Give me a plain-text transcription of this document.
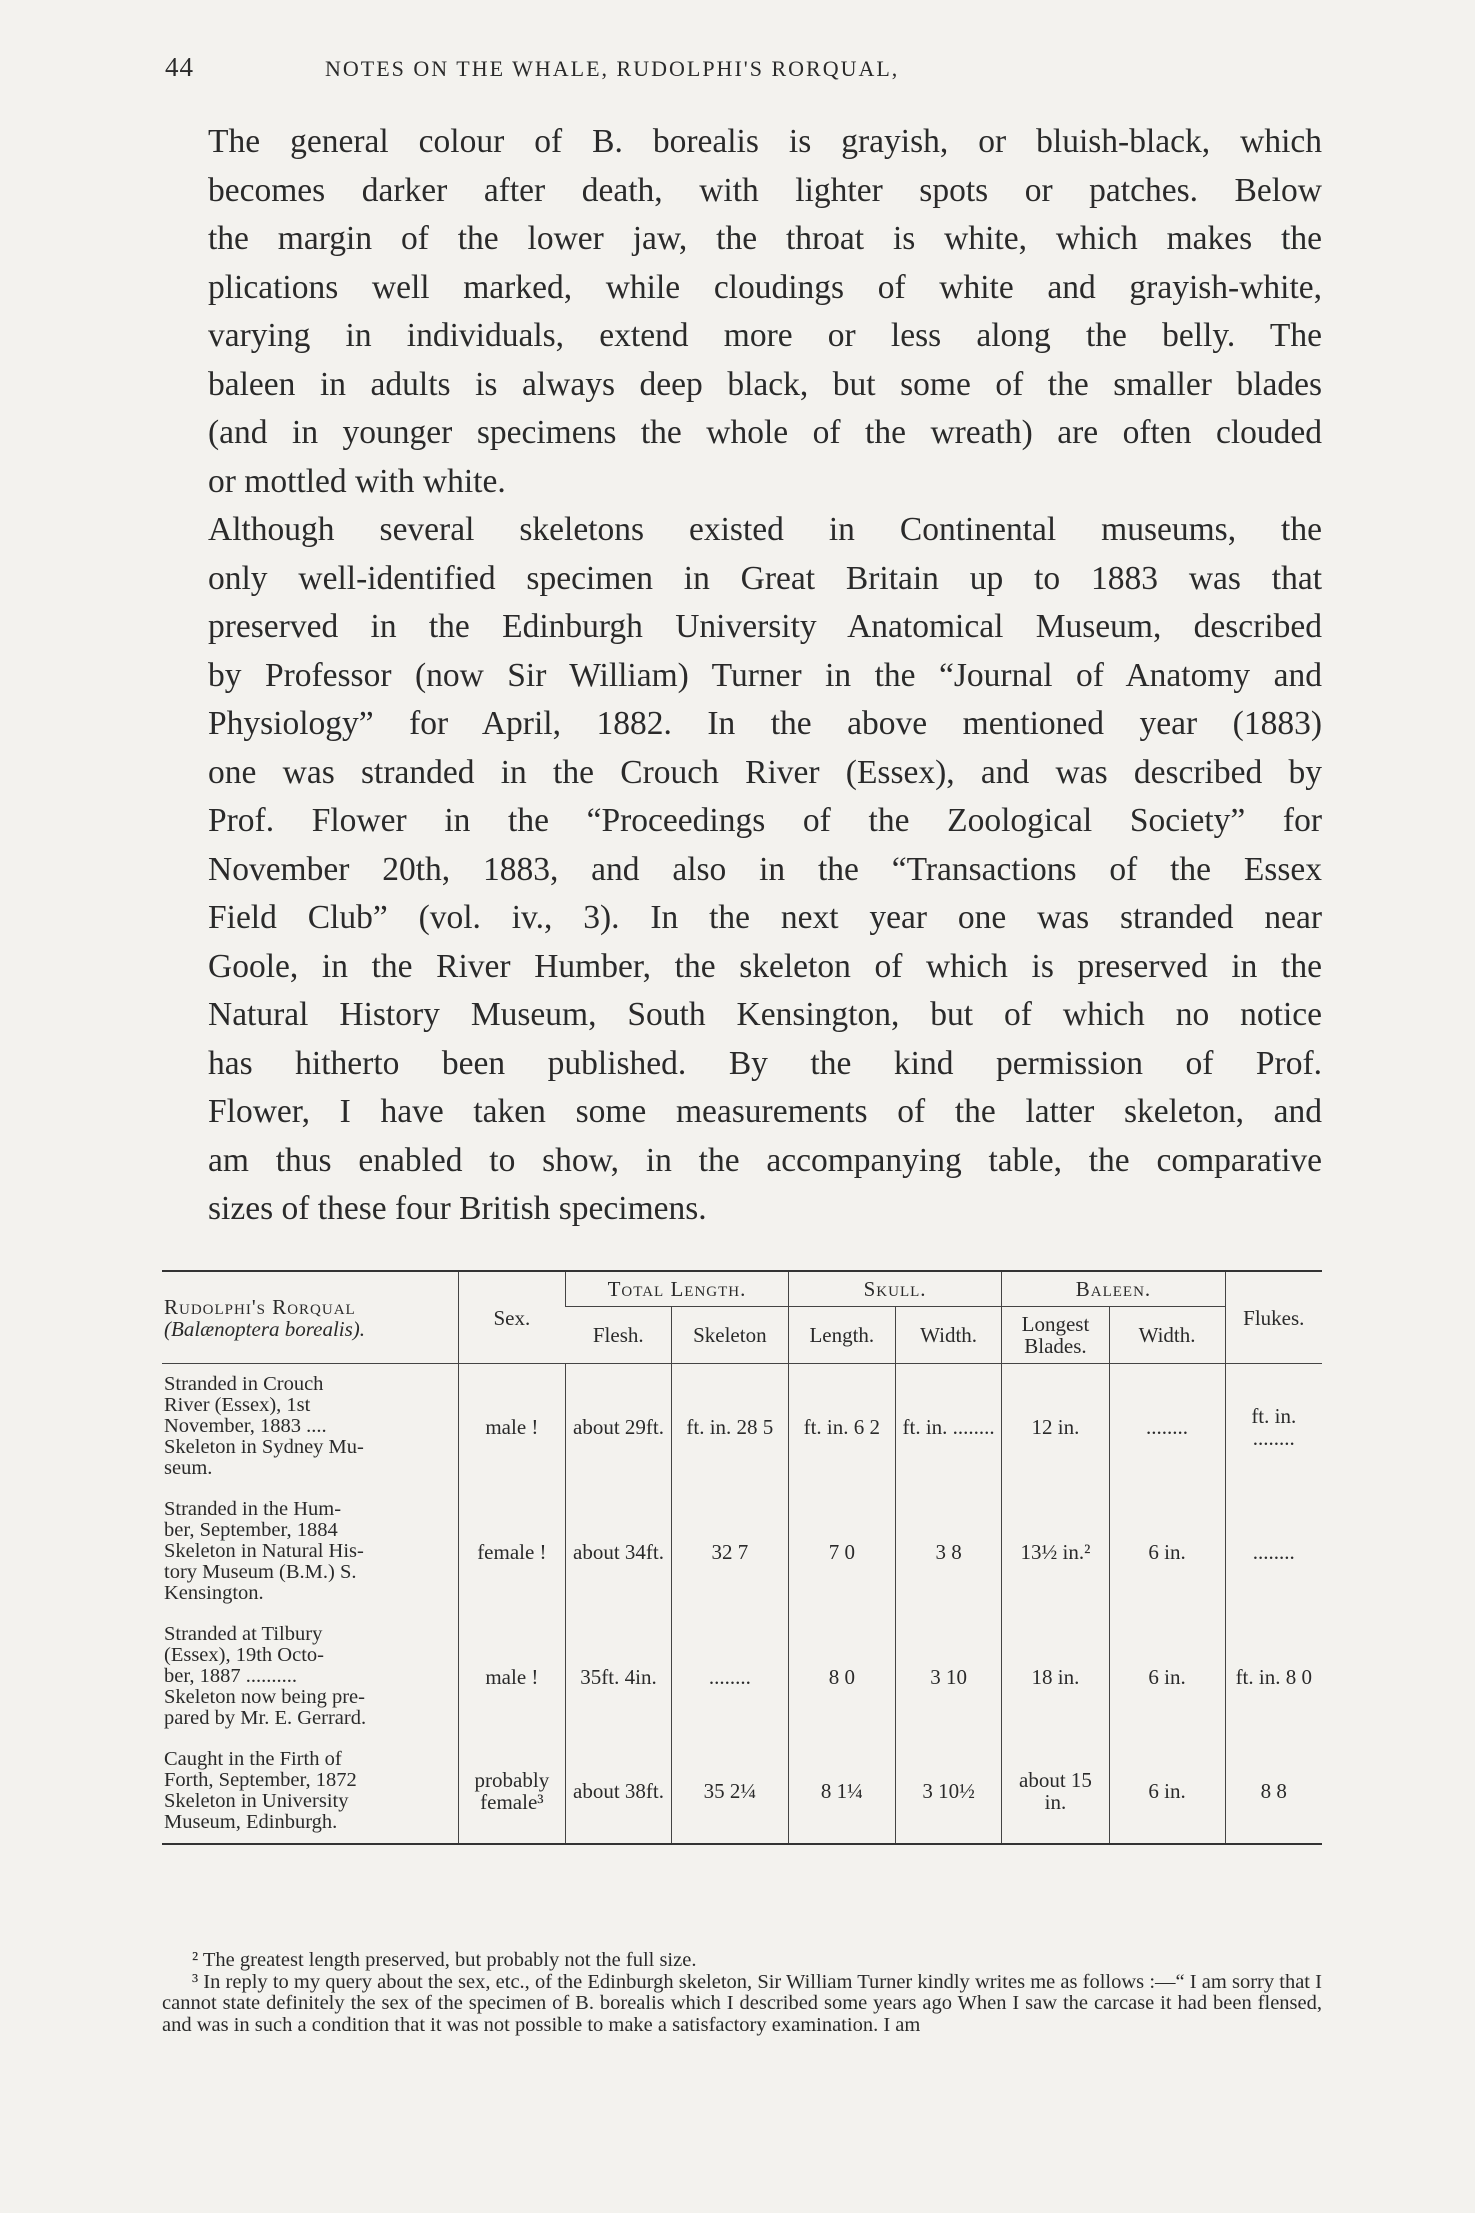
44	NOTES ON THE WHALE, RUDOLPHI'S RORQUAL,

The general colour of B. borealis is grayish, or bluish-black, which
becomes darker after death, with lighter spots or patches. Below
the margin of the lower jaw, the throat is white, which makes the
plications well marked, while cloudings of white and grayish-white,
varying in individuals, extend more or less along the belly. The
baleen in adults is always deep black, but some of the smaller blades
(and in younger specimens the whole of the wreath) are often clouded
or mottled with white.

Although several skeletons existed in Continental museums, the
only well-identified specimen in Great Britain up to 1883 was that
preserved in the Edinburgh University Anatomical Museum, described
by Professor (now Sir William) Turner in the “Journal of Anatomy and
Physiology” for April, 1882. In the above mentioned year (1883)
one was stranded in the Crouch River (Essex), and was described by
Prof. Flower in the “Proceedings of the Zoological Society” for
November 20th, 1883, and also in the “Transactions of the Essex
Field Club” (vol. iv., 3). In the next year one was stranded near
Goole, in the River Humber, the skeleton of which is preserved in the
Natural History Museum, South Kensington, but of which no notice
has hitherto been published. By the kind permission of Prof.
Flower, I have taken some measurements of the latter skeleton, and
am thus enabled to show, in the accompanying table, the comparative
sizes of these four British specimens.

Rudolphi's Rorqual
(Balænoptera borealis).	Sex.	Total Length.		Skull.		Baleen.		Flukes.
		Flesh.	Skeleton	Length.	Width.	Longest Blades.	Width.	

Stranded in Crouch
River (Essex), 1st
November, 1883 ....
Skeleton in Sydney Mu-
seum.	male !	about 29ft.	ft. in. 28 5	ft. in. 6 2	ft. in. ........	12 in.	........	ft. in. ........

Stranded in the Hum-
ber, September, 1884
Skeleton in Natural His-
tory Museum (B.M.) S.
Kensington.	female !	about 34ft.	32 7	7 0	3 8	13½ in.²	6 in.	........

Stranded at Tilbury
(Essex), 19th Octo-
ber, 1887 ..........
Skeleton now being pre-
pared by Mr. E. Gerrard.	male !	35ft. 4in.	........	8 0	3 10	18 in.	6 in.	ft. in. 8 0

Caught in the Firth of
Forth, September, 1872
Skeleton in University
Museum, Edinburgh.	probably female³	about 38ft.	35 2¼	8 1¼	3 10½	about 15 in.	6 in.	8 8

² The greatest length preserved, but probably not the full size.

³ In reply to my query about the sex, etc., of the Edinburgh skeleton, Sir William Turner kindly writes me as follows :—“ I am sorry that I cannot state definitely the sex of the specimen of B. borealis which I described some years ago When I saw the carcase it had been flensed, and was in such a condition that it was not possible to make a satisfactory examination. I am
